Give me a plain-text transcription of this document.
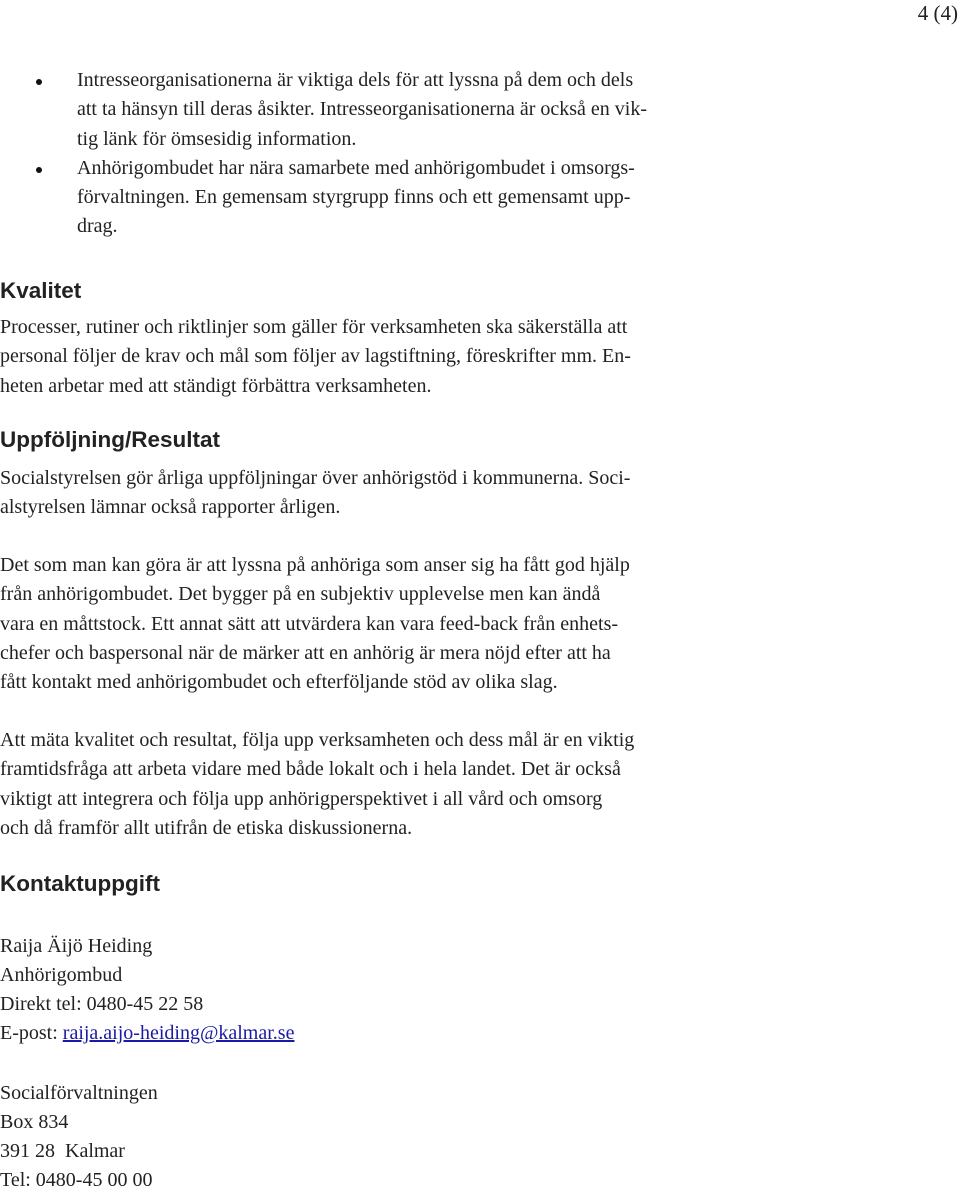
4 (4)
Intresseorganisationerna är viktiga dels för att lyssna på dem och dels
att ta hänsyn till deras åsikter. Intresseorganisationerna är också en vik-
tig länk för ömsesidig information.
Anhörigombudet har nära samarbete med anhörigombudet i omsorgs-
förvaltningen. En gemensam styrgrupp finns och ett gemensamt upp-
drag.
Kvalitet

Processer, rutiner och riktlinjer som gäller för verksamheten ska säkerställa att
personal följer de krav och mål som följer av lagstiftning, föreskrifter mm. En-
heten arbetar med att ständigt förbättra verksamheten.

Uppföljning/Resultat

Socialstyrelsen gör årliga uppföljningar över anhörigstöd i kommunerna. Soci-
alstyrelsen lämnar också rapporter årligen.

Det som man kan göra är att lyssna på anhöriga som anser sig ha fått god hjälp
från anhörigombudet. Det bygger på en subjektiv upplevelse men kan ändå
vara en måttstock. Ett annat sätt att utvärdera kan vara feed-back från enhets-
chefer och baspersonal när de märker att en anhörig är mera nöjd efter att ha
fått kontakt med anhörigombudet och efterföljande stöd av olika slag.

Att mäta kvalitet och resultat, följa upp verksamheten och dess mål är en viktig
framtidsfråga att arbeta vidare med både lokalt och i hela landet. Det är också
viktigt att integrera och följa upp anhörigperspektivet i all vård och omsorg
och då framför allt utifrån de etiska diskussionerna.

Kontaktuppgift
Raija Äijö Heiding
Anhörigombud
Direkt tel: 0480-45 22 58
E-post: raija.aijo-heiding@kalmar.se
Socialförvaltningen
Box 834
391 28  Kalmar
Tel: 0480-45 00 00
